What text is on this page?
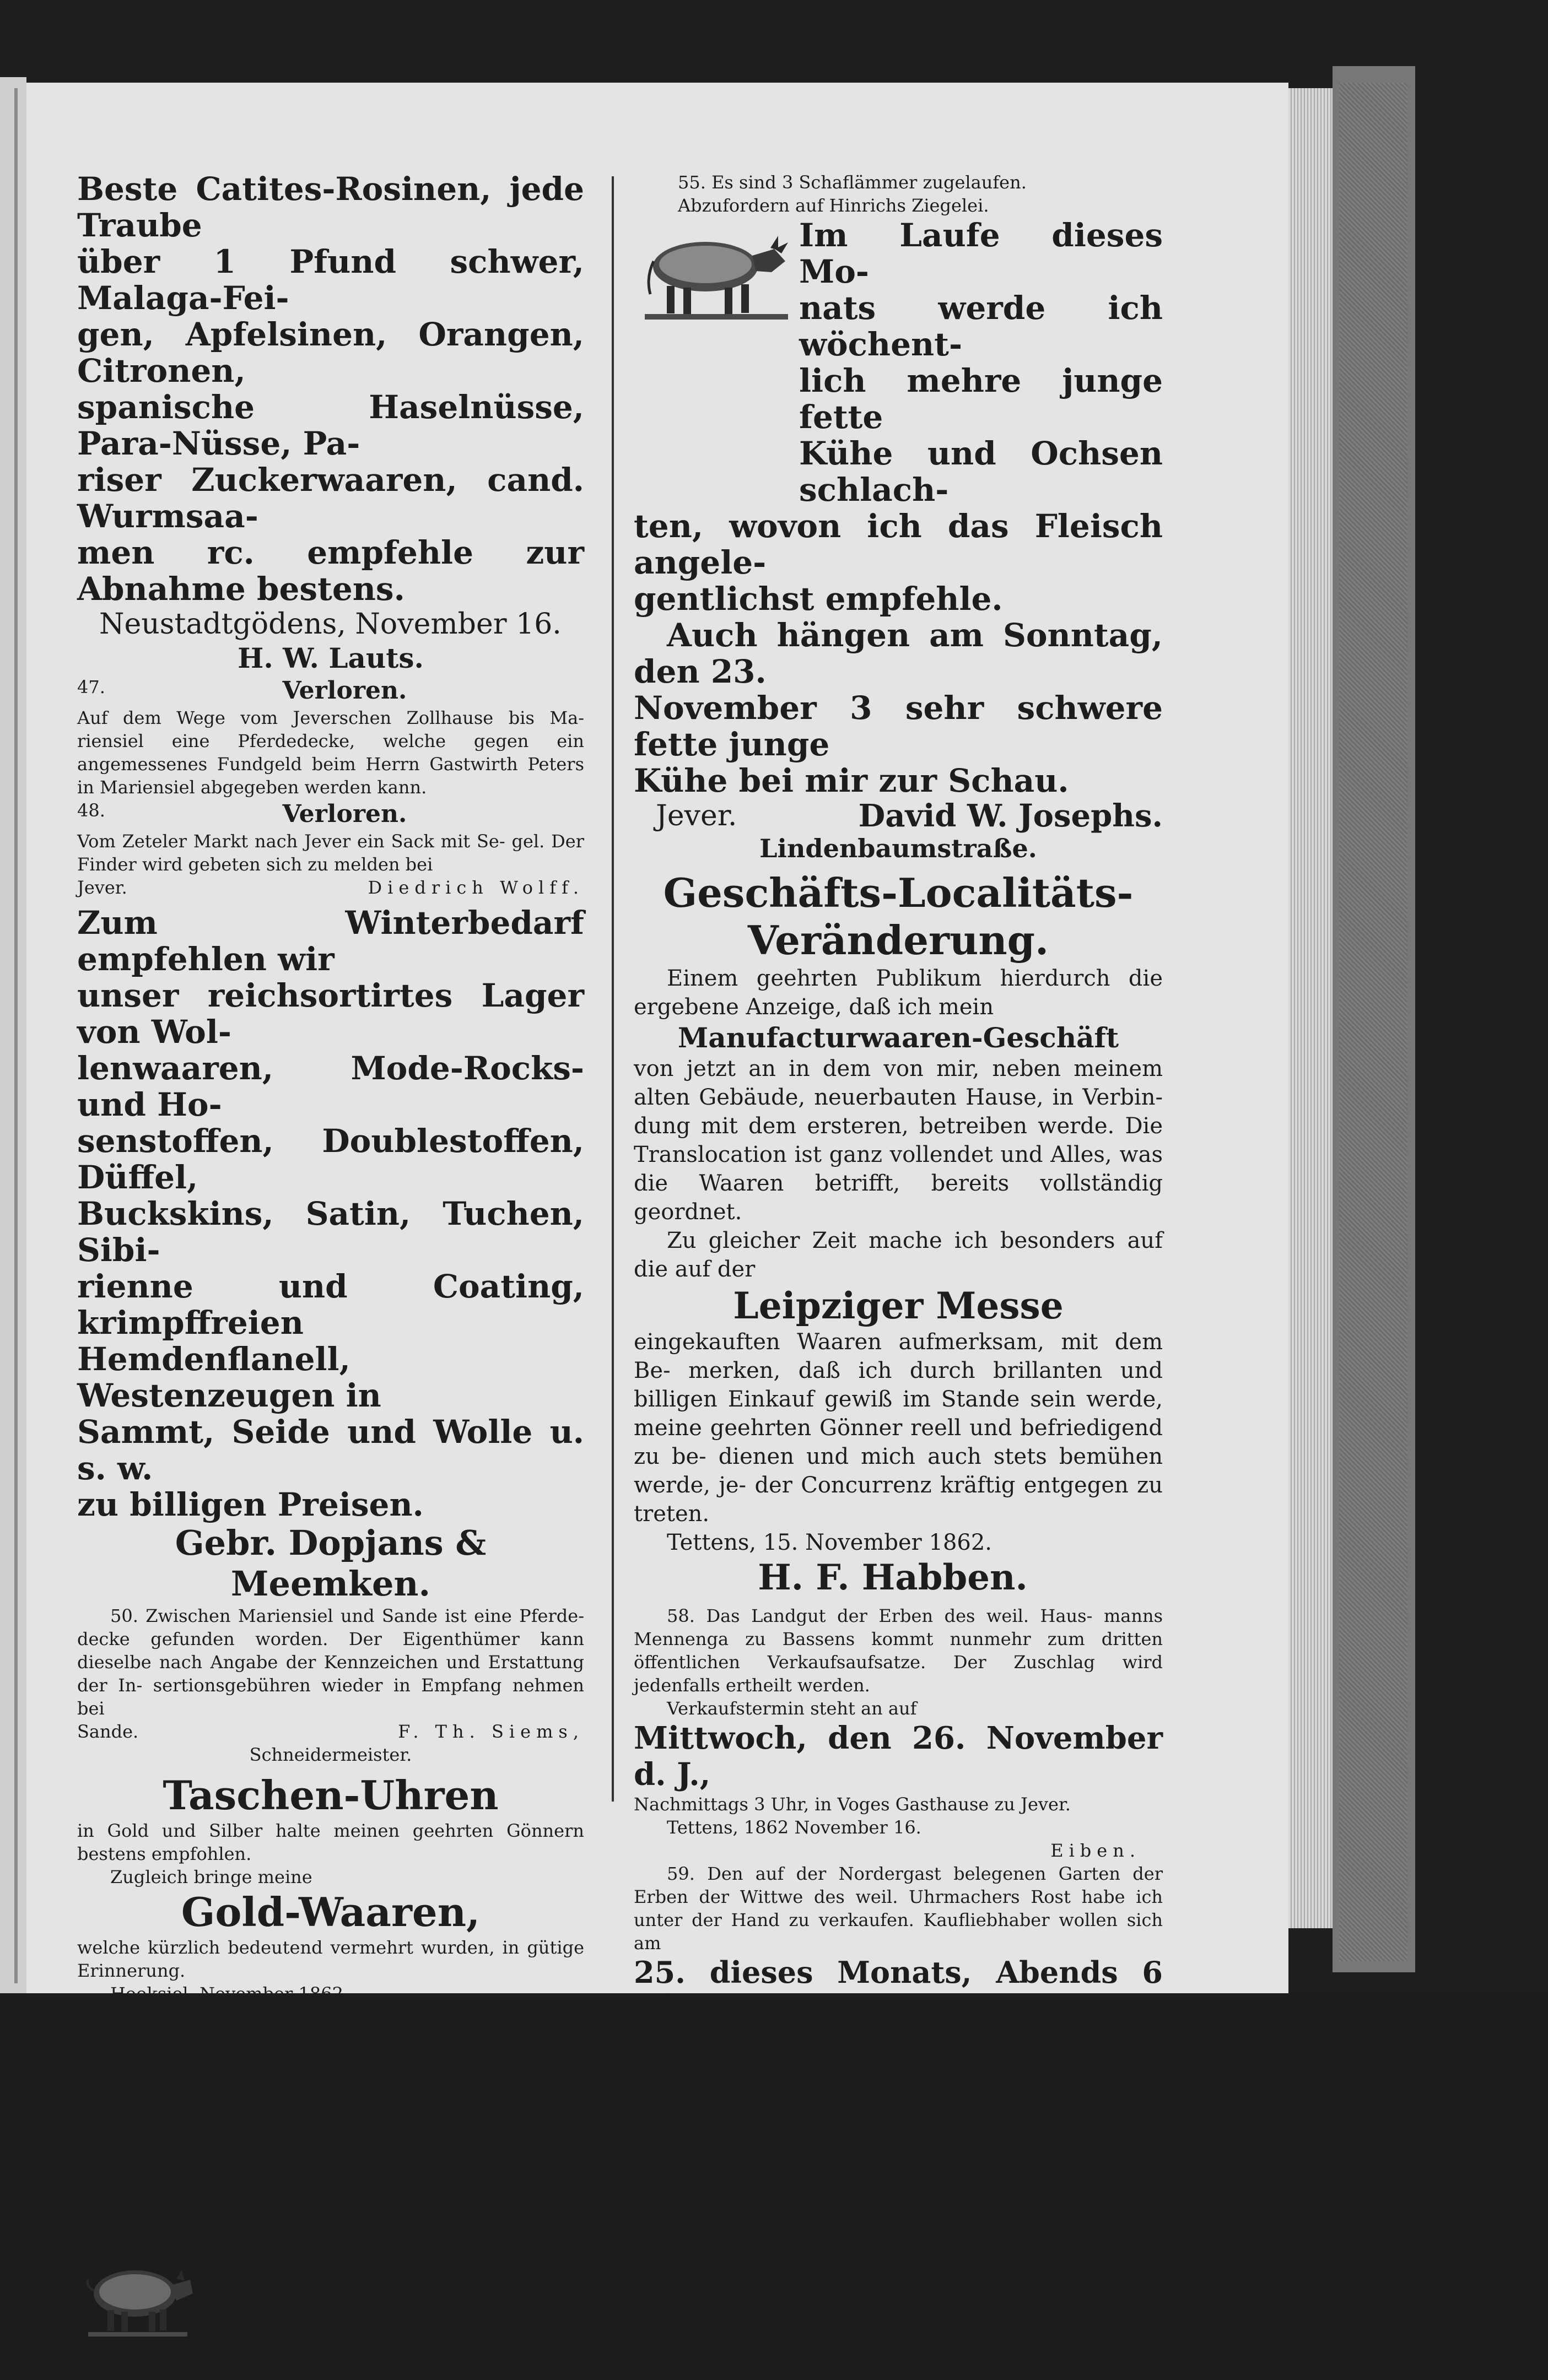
Beste Catites-Rosinen, jede Traube

über 1 Pfund schwer, Malaga-Fei-

gen, Apfelsinen, Orangen, Citronen,

spanische Haselnüsse, Para-Nüsse, Pa-

riser Zuckerwaaren, cand. Wurmsaa-

men rc. empfehle zur Abnahme bestens.

Neustadtgödens, November 16.

H. W. Lauts.

47.	Verloren.

Auf dem Wege vom Jeverschen Zollhause bis Ma- riensiel eine Pferdedecke, welche gegen ein angemessenes Fundgeld beim Herrn Gastwirth Peters in Mariensiel abgegeben werden kann.

48.	Verloren.

Vom Zeteler Markt nach Jever ein Sack mit Se- gel. Der Finder wird gebeten sich zu melden bei

Jever.	Diedrich Wolff.

Zum Winterbedarf empfehlen wir

unser reichsortirtes Lager von Wol-

lenwaaren, Mode-Rocks- und Ho-

senstoffen, Doublestoffen, Düffel,

Buckskins, Satin, Tuchen, Sibi-

rienne und Coating, krimpffreien

Hemdenflanell, Westenzeugen in

Sammt, Seide und Wolle u. s. w.

zu billigen Preisen.

Gebr. Dopjans & Meemken.

50. Zwischen Mariensiel und Sande ist eine Pferde- decke gefunden worden. Der Eigenthümer kann dieselbe nach Angabe der Kennzeichen und Erstattung der In- sertionsgebühren wieder in Empfang nehmen bei

Sande.	F. Th. Siems,

Schneidermeister.

Taschen-Uhren

in Gold und Silber halte meinen geehrten Gönnern bestens empfohlen.

Zugleich bringe meine

Gold-Waaren,

welche kürzlich bedeutend vermehrt wurden, in gütige Erinnerung.

Hooksiel, November 1862.

M. A. Krüger.

Wohnungs-Veränderung.

Seit einigen Tagen wohne ich dem Herrn Kauf- mann Bachmann in der neuen Straße gegenüber.

Jever.	C. A. Tiarks,

Zinngießer.

53. Einen Baß (Cello) nebst Bogen und Futteral habe ich käuflich abzustehen.

Wiefels.	Diedrich Gerken.

54. Acht Schweine, darunter zwei Mutterschweine mit 16 Ferkeln, habe ich käuflich abzustehen.

Auch empfehle ich meinen Eber zum Decken der Mutterschweine.

Sillenstede.	Heinrich Cornelius Hespen.

55. Es sind 3 Schaflämmer zugelaufen.

Abzufordern auf Hinrichs Ziegelei.

Im Laufe dieses Mo-

nats werde ich wöchent-

lich mehre junge fette

Kühe und Ochsen schlach-

ten, wovon ich das Fleisch angele-

gentlichst empfehle.

Auch hängen am Sonntag, den 23.

November 3 sehr schwere fette junge

Kühe bei mir zur Schau.

Jever.	David W. Josephs.

Lindenbaumstraße.

Geschäfts-Localitäts-

Veränderung.

Einem geehrten Publikum hierdurch die ergebene Anzeige, daß ich mein

Manufacturwaaren-Geschäft

von jetzt an in dem von mir, neben meinem alten Gebäude, neuerbauten Hause, in Verbin- dung mit dem ersteren, betreiben werde. Die Translocation ist ganz vollendet und Alles, was die Waaren betrifft, bereits vollständig geordnet.

Zu gleicher Zeit mache ich besonders auf die auf der

Leipziger Messe

eingekauften Waaren aufmerksam, mit dem Be- merken, daß ich durch brillanten und billigen Einkauf gewiß im Stande sein werde, meine geehrten Gönner reell und befriedigend zu be- dienen und mich auch stets bemühen werde, je- der Concurrenz kräftig entgegen zu treten.

Tettens, 15. November 1862.

H. F. Habben.

58. Das Landgut der Erben des weil. Haus- manns Mennenga zu Bassens kommt nunmehr zum dritten öffentlichen Verkaufsaufsatze. Der Zuschlag wird jedenfalls ertheilt werden.

Verkaufstermin steht an auf

Mittwoch, den 26. November d. J.,

Nachmittags 3 Uhr, in Voges Gasthause zu Jever.

Tettens, 1862 November 16.

Eiben.

59. Den auf der Nordergast belegenen Garten der Erben der Wittwe des weil. Uhrmachers Rost habe ich unter der Hand zu verkaufen. Kaufliebhaber wollen sich am

25. dieses Monats, Abends 6 Uhr,

in des Hrn. D. König hieselbst Gasthause zum Contra- hiren einfinden.

Jever.	Behrens, Rec.

60. Echten Dr. Lutzschen homöop. Gesundheits- Caffee aus der Fabrik von Krause u. Co. in Nordhausen gebe ich in frischer Waare stets zeitgemäß billigst ab.

Jever.	K. H. Mehrtens.
